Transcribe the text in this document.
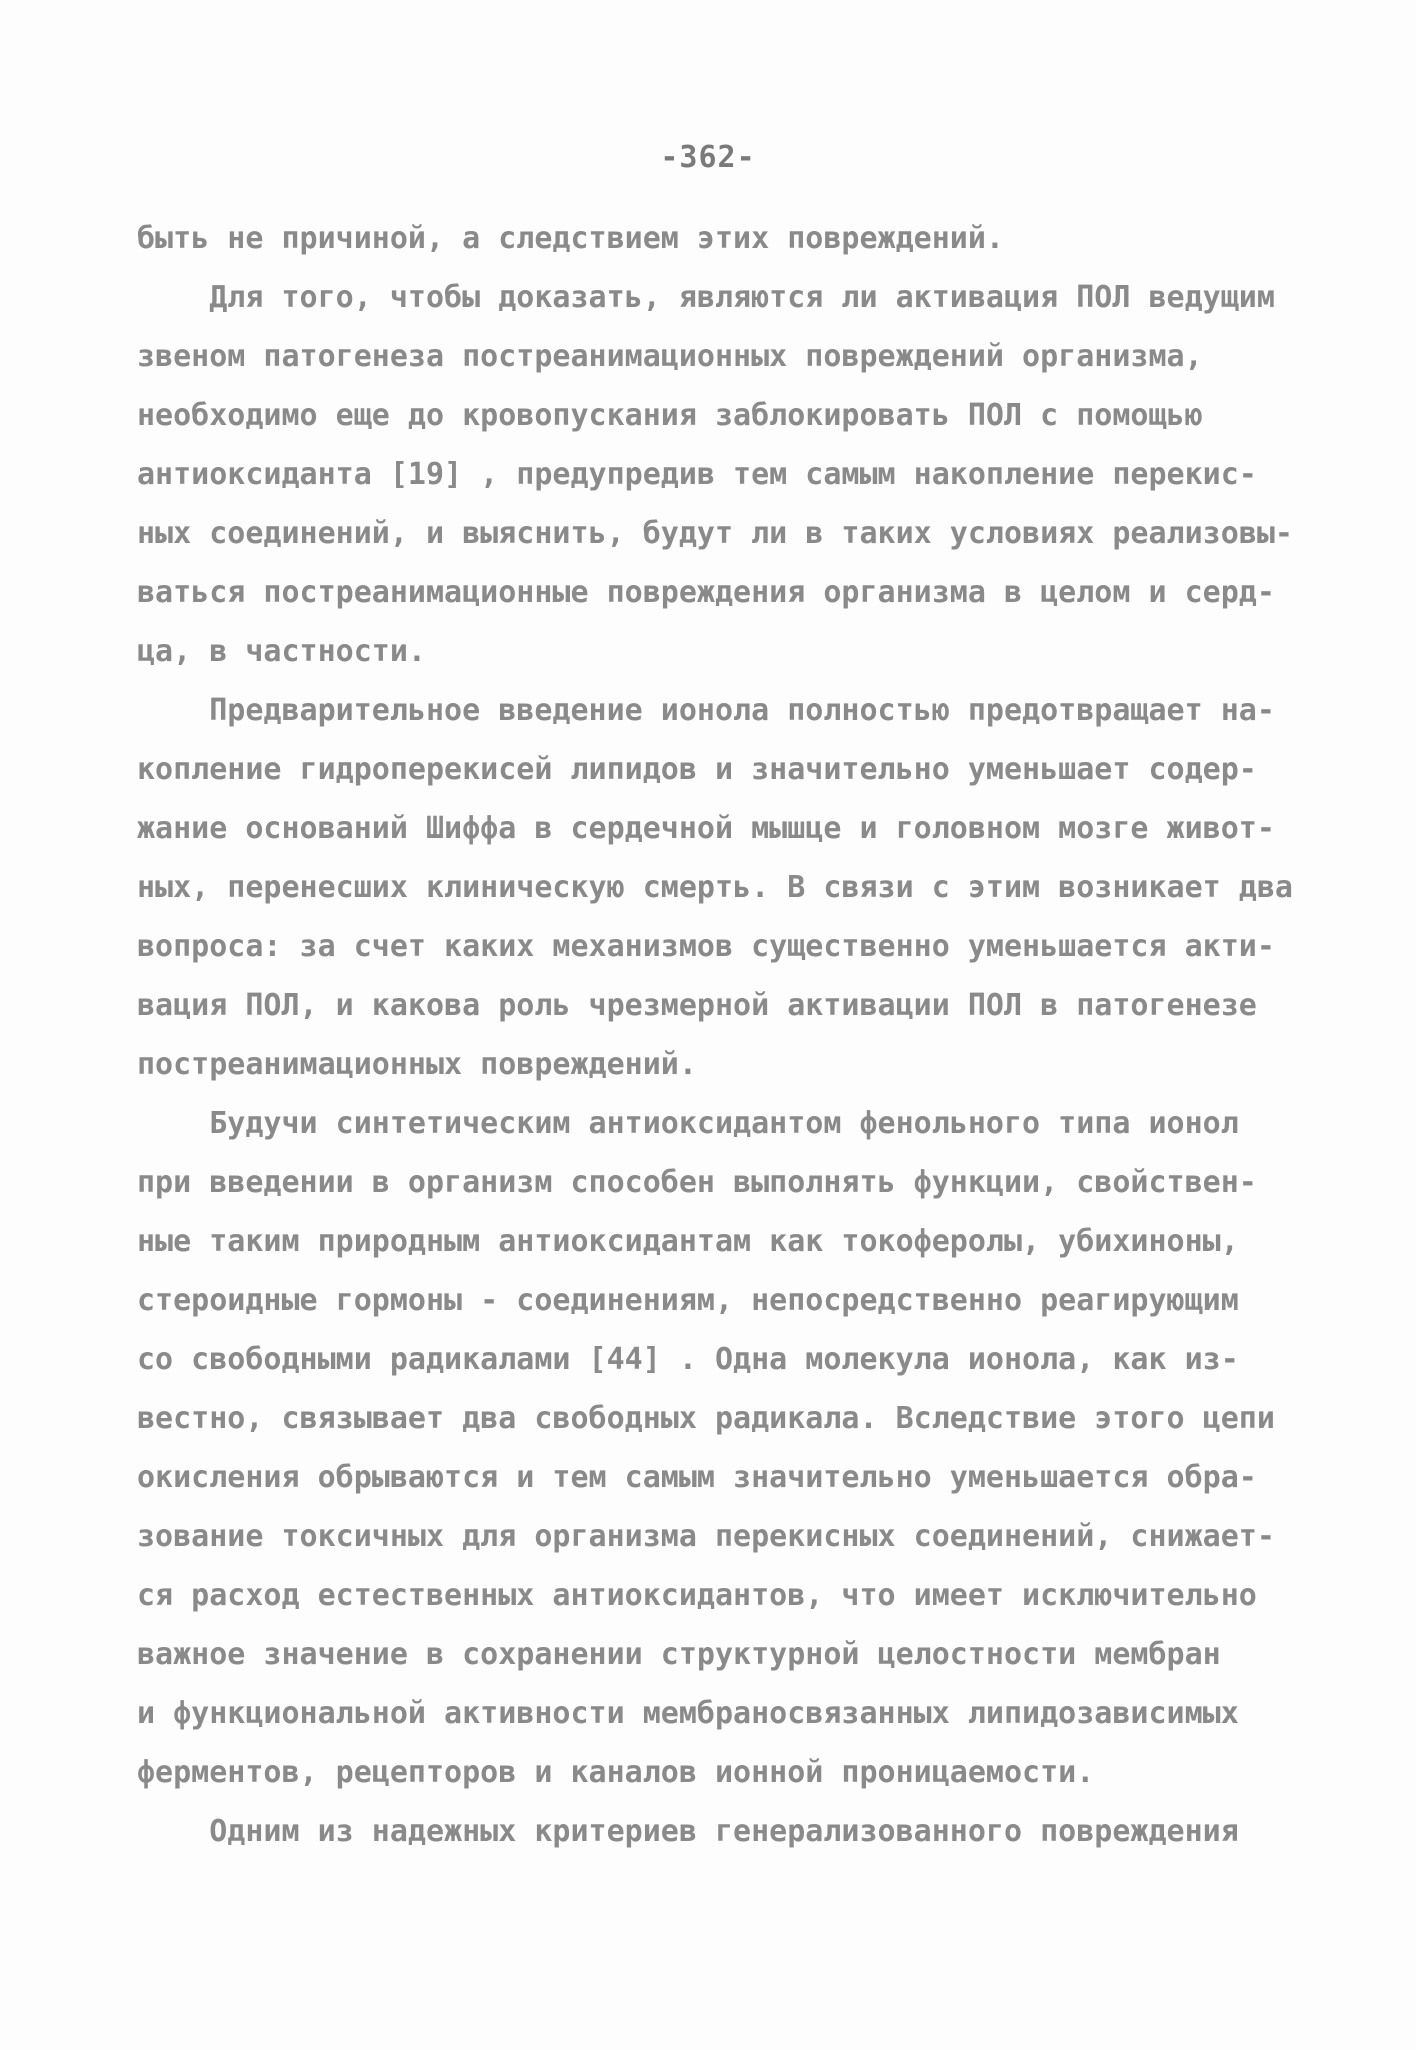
-362-
быть не причиной, а следствием этих повреждений.
Для того, чтобы доказать, являются ли активация ПОЛ ведущим
звеном патогенеза постреанимационных повреждений организма,
необходимо еще до кровопускания заблокировать ПОЛ с помощью
антиоксиданта [19] , предупредив тем самым накопление перекис-
ных соединений, и выяснить, будут ли в таких условиях реализовы-
ваться постреанимационные повреждения организма в целом и серд-
ца, в частности.
Предварительное введение ионола полностью предотвращает на-
копление гидроперекисей липидов и значительно уменьшает содер-
жание оснований Шиффа в сердечной мышце и головном мозге живот-
ных, перенесших клиническую смерть. В связи с этим возникает два
вопроса: за счет каких механизмов существенно уменьшается акти-
вация ПОЛ, и какова роль чрезмерной активации ПОЛ в патогенезе
постреанимационных повреждений.
Будучи синтетическим антиоксидантом фенольного типа ионол
при введении в организм способен выполнять функции, свойствен-
ные таким природным антиоксидантам как токоферолы, убихиноны,
стероидные гормоны - соединениям, непосредственно реагирующим
со свободными радикалами [44] . Одна молекула ионола, как из-
вестно, связывает два свободных радикала. Вследствие этого цепи
окисления обрываются и тем самым значительно уменьшается обра-
зование токсичных для организма перекисных соединений, снижает-
ся расход естественных антиоксидантов, что имеет исключительно
важное значение в сохранении структурной целостности мембран
и функциональной активности мембраносвязанных липидозависимых
ферментов, рецепторов и каналов ионной проницаемости.
Одним из надежных критериев генерализованного повреждения
